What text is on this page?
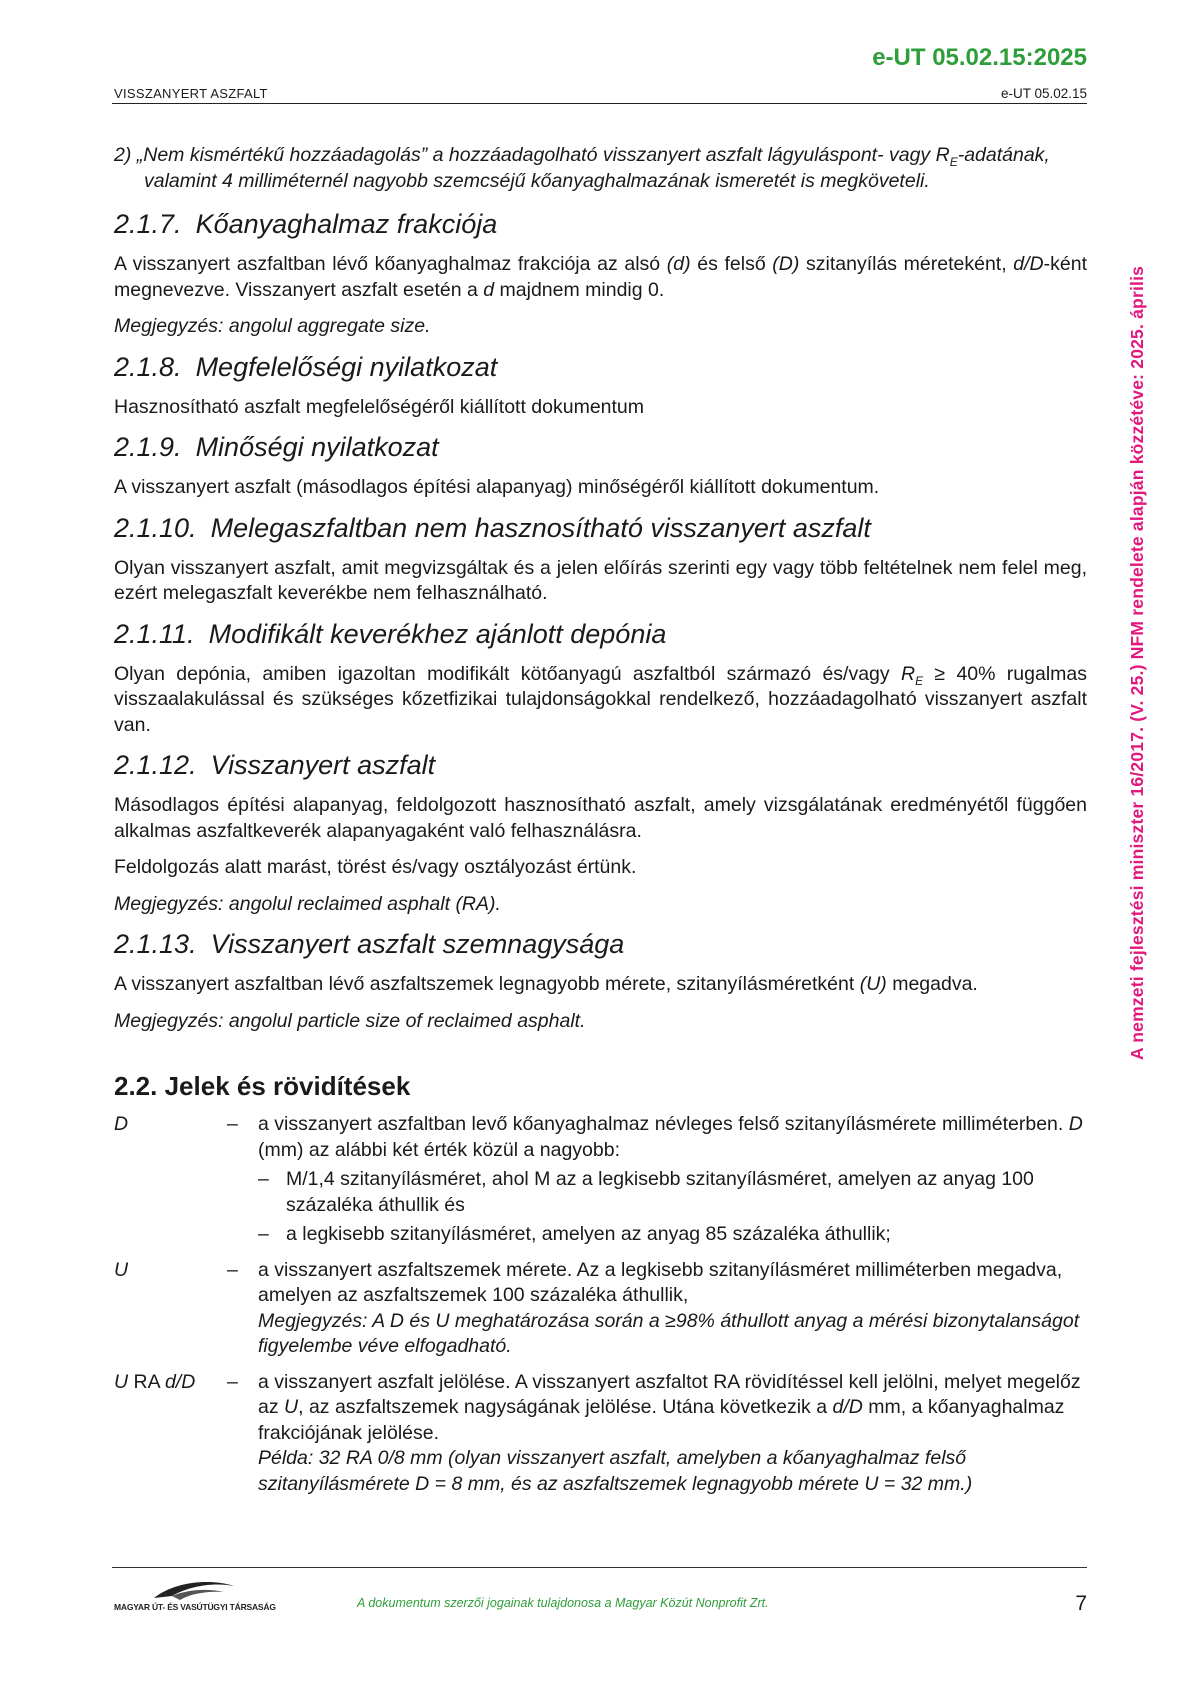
e-UT 05.02.15:2025
VISSZANYERT ASZFALT	e-UT 05.02.15
A nemzeti fejlesztési miniszter 16/2017. (V. 25.) NFM rendelete alapján közzétéve: 2025. április

2) „Nem kismértékű hozzáadagolás” a hozzáadagolható visszanyert aszfalt lágyuláspont- vagy $R_E$-adatának, valamint 4 milliméternél nagyobb szemcséjű kőanyaghalmazának ismeretét is megköveteli.

2.1.7. Kőanyaghalmaz frakciója

A visszanyert aszfaltban lévő kőanyaghalmaz frakciója az alsó (d) és felső (D) szitanyílás méreteként, d/D-ként megnevezve. Visszanyert aszfalt esetén a d majdnem mindig 0.

Megjegyzés: angolul aggregate size.

2.1.8. Megfelelőségi nyilatkozat

Hasznosítható aszfalt megfelelőségéről kiállított dokumentum

2.1.9. Minőségi nyilatkozat

A visszanyert aszfalt (másodlagos építési alapanyag) minőségéről kiállított dokumentum.

2.1.10. Melegaszfaltban nem hasznosítható visszanyert aszfalt

Olyan visszanyert aszfalt, amit megvizsgáltak és a jelen előírás szerinti egy vagy több feltételnek nem felel meg, ezért melegaszfalt keverékbe nem felhasználható.

2.1.11. Modifikált keverékhez ajánlott depónia

Olyan depónia, amiben igazoltan modifikált kötőanyagú aszfaltból származó és/vagy $R_E \ge 40\%$ rugalmas visszaalakulással és szükséges kőzetfizikai tulajdonságokkal rendelkező, hozzáadagolható visszanyert aszfalt van.

2.1.12. Visszanyert aszfalt

Másodlagos építési alapanyag, feldolgozott hasznosítható aszfalt, amely vizsgálatának eredményétől függően alkalmas aszfaltkeverék alapanyagaként való felhasználásra.

Feldolgozás alatt marást, törést és/vagy osztályozást értünk.

Megjegyzés: angolul reclaimed asphalt (RA).

2.1.13. Visszanyert aszfalt szemnagysága

A visszanyert aszfaltban lévő aszfaltszemek legnagyobb mérete, szitanyílásméretként (U) megadva.

Megjegyzés: angolul particle size of reclaimed asphalt.

2.2. Jelek és rövidítések
D	–	a visszanyert aszfaltban levő kőanyaghalmaz névleges felső szitanyílásmérete milliméterben. D (mm) az alábbi két érték közül a nagyobb:
– M/1,4 szitanyílásméret, ahol M az a legkisebb szitanyílásméret, amelyen az anyag 100 százaléka áthullik és
– a legkisebb szitanyílásméret, amelyen az anyag 85 százaléka áthullik;
U	–	a visszanyert aszfaltszemek mérete. Az a legkisebb szitanyílásméret milliméterben megadva, amelyen az aszfaltszemek 100 százaléka áthullik,
Megjegyzés: A D és U meghatározása során a ≥98% áthullott anyag a mérési bizonytalanságot figyelembe véve elfogadható.
U RA d/D	–	a visszanyert aszfalt jelölése. A visszanyert aszfaltot RA rövidítéssel kell jelölni, melyet megelőz az U, az aszfaltszemek nagyságának jelölése. Utána következik a d/D mm, a kőanyaghalmaz frakciójának jelölése.
Példa: 32 RA 0/8 mm (olyan visszanyert aszfalt, amelyben a kőanyaghalmaz felső szitanyílásmérete D = 8 mm, és az aszfaltszemek legnagyobb mérete U = 32 mm.)
MAGYAR ÚT- ÉS VASÚTÜGYI TÁRSASÁG	A dokumentum szerzői jogainak tulajdonosa a Magyar Közút Nonprofit Zrt.	7
